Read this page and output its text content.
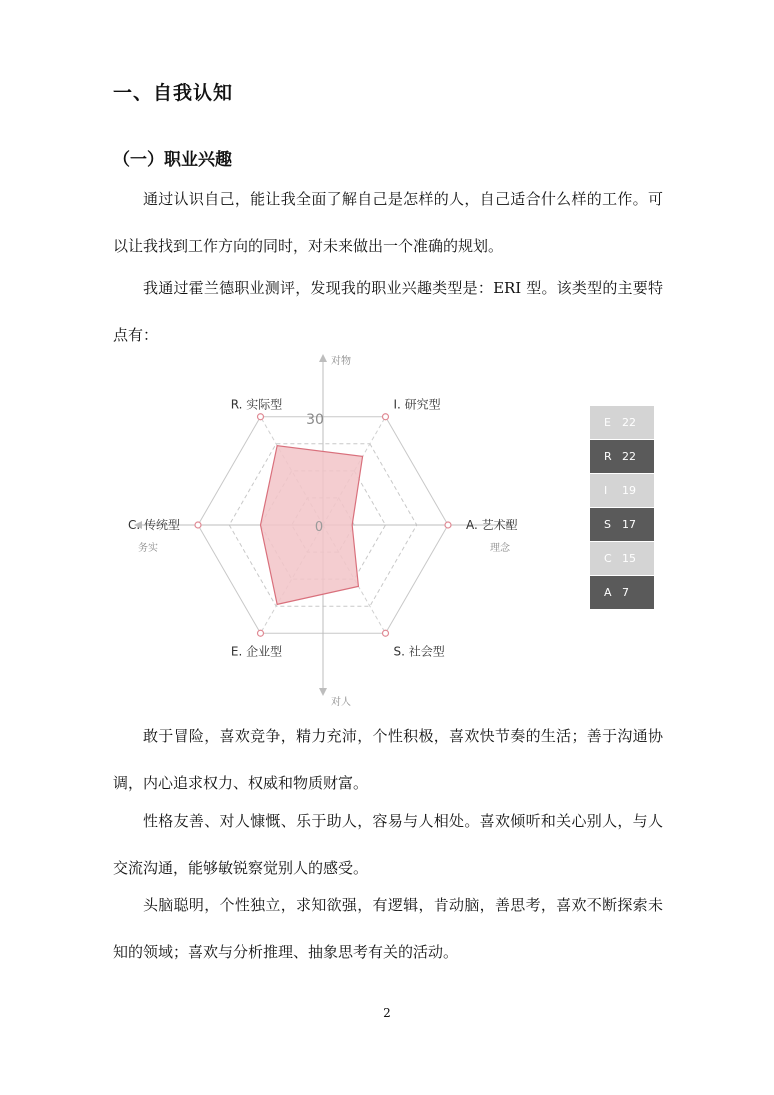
一、自我认知
（一）职业兴趣

通过认识自己，能让我全面了解自己是怎样的人，自己适合什么样的工作。可以让我找到工作方向的同时，对未来做出一个准确的规划。

我通过霍兰德职业测评，发现我的职业兴趣类型是：ERI 型。该类型的主要特点有：

I. 研究型
A. 艺术型
S. 社会型
E. 企业型
C. 传统型
R. 实际型
30
0
对物
对人
务实	理念
E	22
R 22
I	19
S	17
C 15
A 7

敢于冒险，喜欢竞争，精力充沛，个性积极，喜欢快节奏的生活；善于沟通协调，内心追求权力、权威和物质财富。

性格友善、对人慷慨、乐于助人，容易与人相处。喜欢倾听和关心别人，与人交流沟通，能够敏锐察觉别人的感受。

头脑聪明，个性独立，求知欲强，有逻辑，肯动脑，善思考，喜欢不断探索未知的领域；喜欢与分析推理、抽象思考有关的活动。

2
